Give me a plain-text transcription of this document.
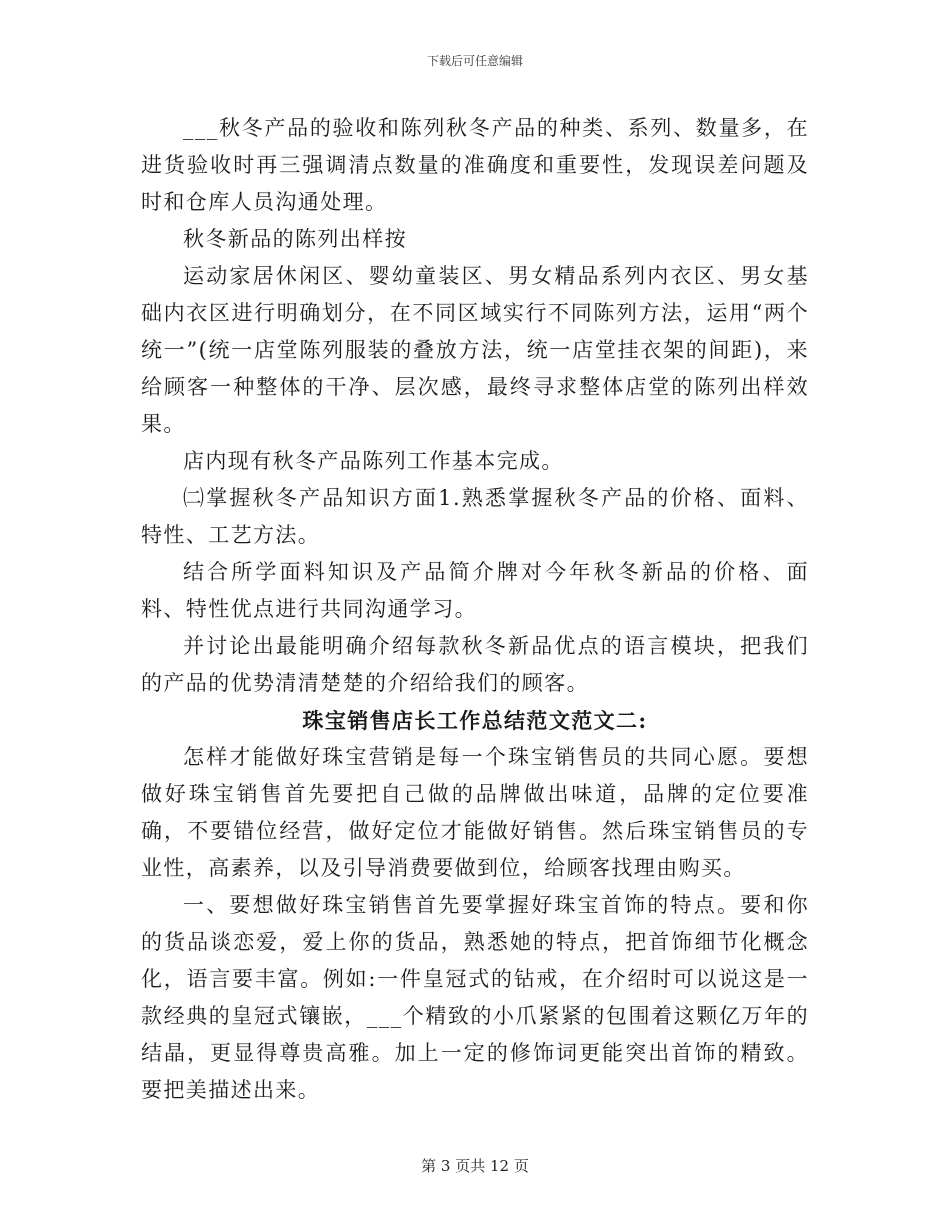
下载后可任意编辑

___秋冬产品的验收和陈列秋冬产品的种类、系列、数量多，在进货验收时再三强调清点数量的准确度和重要性，发现误差问题及时和仓库人员沟通处理。

秋冬新品的陈列出样按

运动家居休闲区、婴幼童装区、男女精品系列内衣区、男女基础内衣区进行明确划分，在不同区域实行不同陈列方法，运用“两个统一”(统一店堂陈列服装的叠放方法，统一店堂挂衣架的间距)，来给顾客一种整体的干净、层次感，最终寻求整体店堂的陈列出样效果。

店内现有秋冬产品陈列工作基本完成。

㈡掌握秋冬产品知识方面1.熟悉掌握秋冬产品的价格、面料、特性、工艺方法。

结合所学面料知识及产品简介牌对今年秋冬新品的价格、面料、特性优点进行共同沟通学习。

并讨论出最能明确介绍每款秋冬新品优点的语言模块，把我们的产品的优势清清楚楚的介绍给我们的顾客。

珠宝销售店长工作总结范文范文二:

怎样才能做好珠宝营销是每一个珠宝销售员的共同心愿。要想做好珠宝销售首先要把自己做的品牌做出味道，品牌的定位要准确，不要错位经营，做好定位才能做好销售。然后珠宝销售员的专业性，高素养，以及引导消费要做到位，给顾客找理由购买。

一、要想做好珠宝销售首先要掌握好珠宝首饰的特点。要和你的货品谈恋爱，爱上你的货品，熟悉她的特点，把首饰细节化概念化，语言要丰富。例如:一件皇冠式的钻戒，在介绍时可以说这是一款经典的皇冠式镶嵌，___个精致的小爪紧紧的包围着这颗亿万年的结晶，更显得尊贵高雅。加上一定的修饰词更能突出首饰的精致。要把美描述出来。

第 3 页共 12 页
